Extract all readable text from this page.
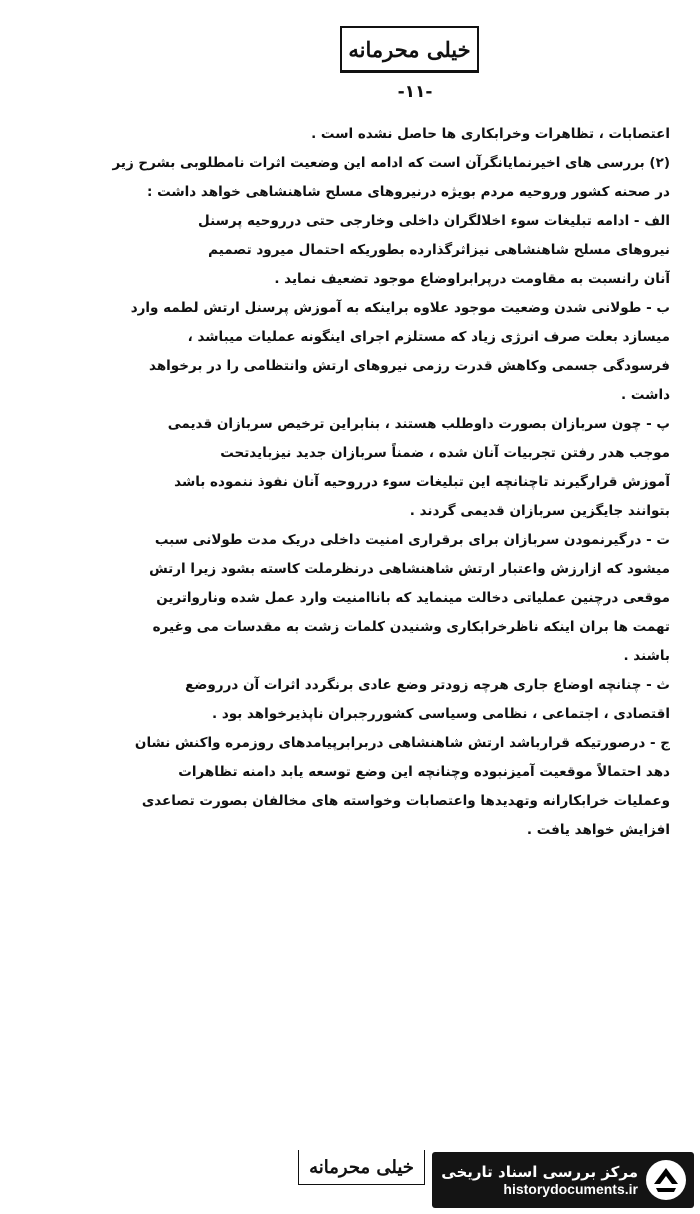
خیلی محرمانه
-۱۱-

اعتصابات ، تظاهرات وخرابکاری ها حاصل نشده است .

(۲) بررسی های اخیرنمایانگرآن است که ادامه این وضعیت اثرات نامطلوبی بشرح زیر

در صحنه کشور وروحیه مردم بویژه درنیروهای مسلح شاهنشاهی خواهد داشت :

الف - ادامه تبلیغات سوء اخلالگران داخلی وخارجی حتی درروحیه پرسنل

نیروهای مسلح شاهنشاهی نیزاثرگذارده بطوریکه احتمال میرود تصمیم

آنان رانسبت به مقاومت درپرابراوضاع موجود تضعیف نماید .

ب - طولانی شدن وضعیت موجود علاوه براینکه به آموزش پرسنل ارتش لطمه وارد

میسازد بعلت صرف انرژی زیاد که مستلزم اجرای اینگونه عملیات میباشد ،

فرسودگی جسمی وکاهش قدرت رزمی نیروهای ارتش وانتظامی را در برخواهد

داشت .

پ - چون سربازان بصورت داوطلب هستند ، بنابراین ترخیص سربازان قدیمی

موجب هدر رفتن تجربیات آنان شده ، ضمناً سربازان جدید نیزبایدتحت

آموزش قرارگیرند تاچنانچه این تبلیغات سوء درروحیه آنان نفوذ ننموده باشد

بتوانند جایگزین سربازان قدیمی گردند .

ت - درگیرنمودن سربازان برای برقراری امنیت داخلی دریک مدت طولانی سبب

میشود که ازارزش واعتبار ارتش شاهنشاهی درنظرملت کاسته بشود زیرا ارتش

موقعی درچنین عملیاتی دخالت مینماید که باناامنیت وارد عمل شده ونارواترین

تهمت ها بران اینکه ناظرخرابکاری وشنیدن کلمات زشت به مقدسات می وغیره

باشند .

ث - چنانچه اوضاع جاری هرچه زودتر وضع عادی برنگردد اثرات آن درروضع

اقتصادی ، اجتماعی ، نظامی وسیاسی کشوررجبران ناپذیرخواهد بود .

ج - درصورتیکه قرارباشد ارتش شاهنشاهی دربرابرپیامدهای روزمره واکنش نشان

دهد احتمالاً موقعیت آمیزنبوده وچنانچه این وضع توسعه یابد دامنه تظاهرات

وعملیات خرابکارانه وتهدیدها واعتصابات وخواسته های مخالفان بصورت تصاعدی

افزایش خواهد یافت .

خیلی محرمانه	مرکز بررسی اسناد تاریخی
historydocuments.ir
